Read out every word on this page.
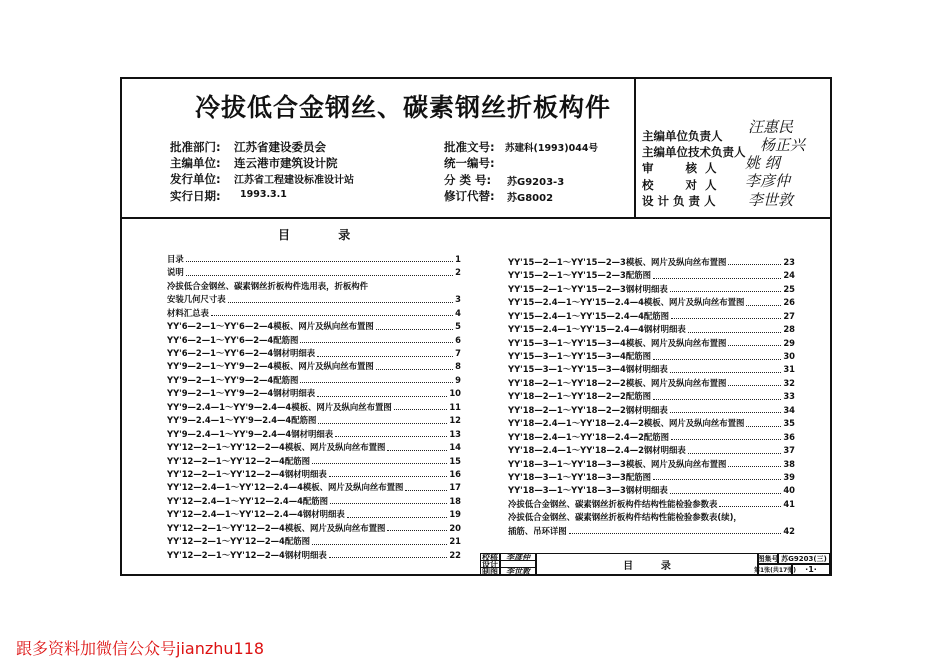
冷拔低合金钢丝、碳素钢丝折板构件
批准部门: 江苏省建设委员会
主编单位: 连云港市建筑设计院
发行单位: 江苏省工程建设标准设计站
实行日期: 1993.3.1
批准文号: 苏建科(1993)044号
统一编号:
分 类 号: 苏G9203-3
修订代替: 苏G8002
主编单位负责人 汪惠民
主编单位技术负责人 杨正兴
审        核  人 姚 纲
校        对  人 李彦仲
设 计 负 责 人 李世敦
目	录
目录	1
说明	2
冷拔低合金钢丝、碳素钢丝折板构件选用表，折板构件
安装几何尺寸表	3
材料汇总表	4
YY'6—2—1～YY'6—2—4模板、网片及纵向丝布置图	5
YY'6—2—1～YY'6—2—4配筋图	6
YY'6—2—1～YY'6—2—4钢材明细表	7
YY'9—2—1～YY'9—2—4模板、网片及纵向丝布置图	8
YY'9—2—1～YY'9—2—4配筋图	9
YY'9—2—1～YY'9—2—4钢材明细表	10
YY'9—2.4—1～YY'9—2.4—4模板、网片及纵向丝布置图	11
YY'9—2.4—1～YY'9—2.4—4配筋图	12
YY'9—2.4—1～YY'9—2.4—4钢材明细表	13
YY'12—2—1～YY'12—2—4模板、网片及纵向丝布置图	14
YY'12—2—1～YY'12—2—4配筋图	15
YY'12—2—1～YY'12—2—4钢材明细表	16
YY'12—2.4—1～YY'12—2.4—4模板、网片及纵向丝布置图	17
YY'12—2.4—1～YY'12—2.4—4配筋图	18
YY'12—2.4—1～YY'12—2.4—4钢材明细表	19
YY'12—2—1～YY'12—2—4模板、网片及纵向丝布置图	20
YY'12—2—1～YY'12—2—4配筋图	21
YY'12—2—1～YY'12—2—4钢材明细表	22
YY'15—2—1～YY'15—2—3模板、网片及纵向丝布置图	23
YY'15—2—1～YY'15—2—3配筋图	24
YY'15—2—1～YY'15—2—3钢材明细表	25
YY'15—2.4—1～YY'15—2.4—4模板、网片及纵向丝布置图	26
YY'15—2.4—1～YY'15—2.4—4配筋图	27
YY'15—2.4—1～YY'15—2.4—4钢材明细表	28
YY'15—3—1～YY'15—3—4模板、网片及纵向丝布置图	29
YY'15—3—1～YY'15—3—4配筋图	30
YY'15—3—1～YY'15—3—4钢材明细表	31
YY'18—2—1～YY'18—2—2模板、网片及纵向丝布置图	32
YY'18—2—1～YY'18—2—2配筋图	33
YY'18—2—1～YY'18—2—2钢材明细表	34
YY'18—2.4—1～YY'18—2.4—2模板、网片及纵向丝布置图	35
YY'18—2.4—1～YY'18—2.4—2配筋图	36
YY'18—2.4—1～YY'18—2.4—2钢材明细表	37
YY'18—3—1～YY'18—3—3模板、网片及纵向丝布置图	38
YY'18—3—1～YY'18—3—3配筋图	39
YY'18—3—1～YY'18—3—3钢材明细表	40
冷拔低合金钢丝、碳素钢丝折板构件结构性能检验参数表	41
冷拔低合金钢丝、碳素钢丝折板构件结构性能检验参数表(续)，
插筋、吊环详图	42
校核	李彦仲
设计
制图	李世敦	目        录
图集号 苏G9203(三)
第1张(共17张)	·1·
跟多资料加微信公众号jianzhu118
